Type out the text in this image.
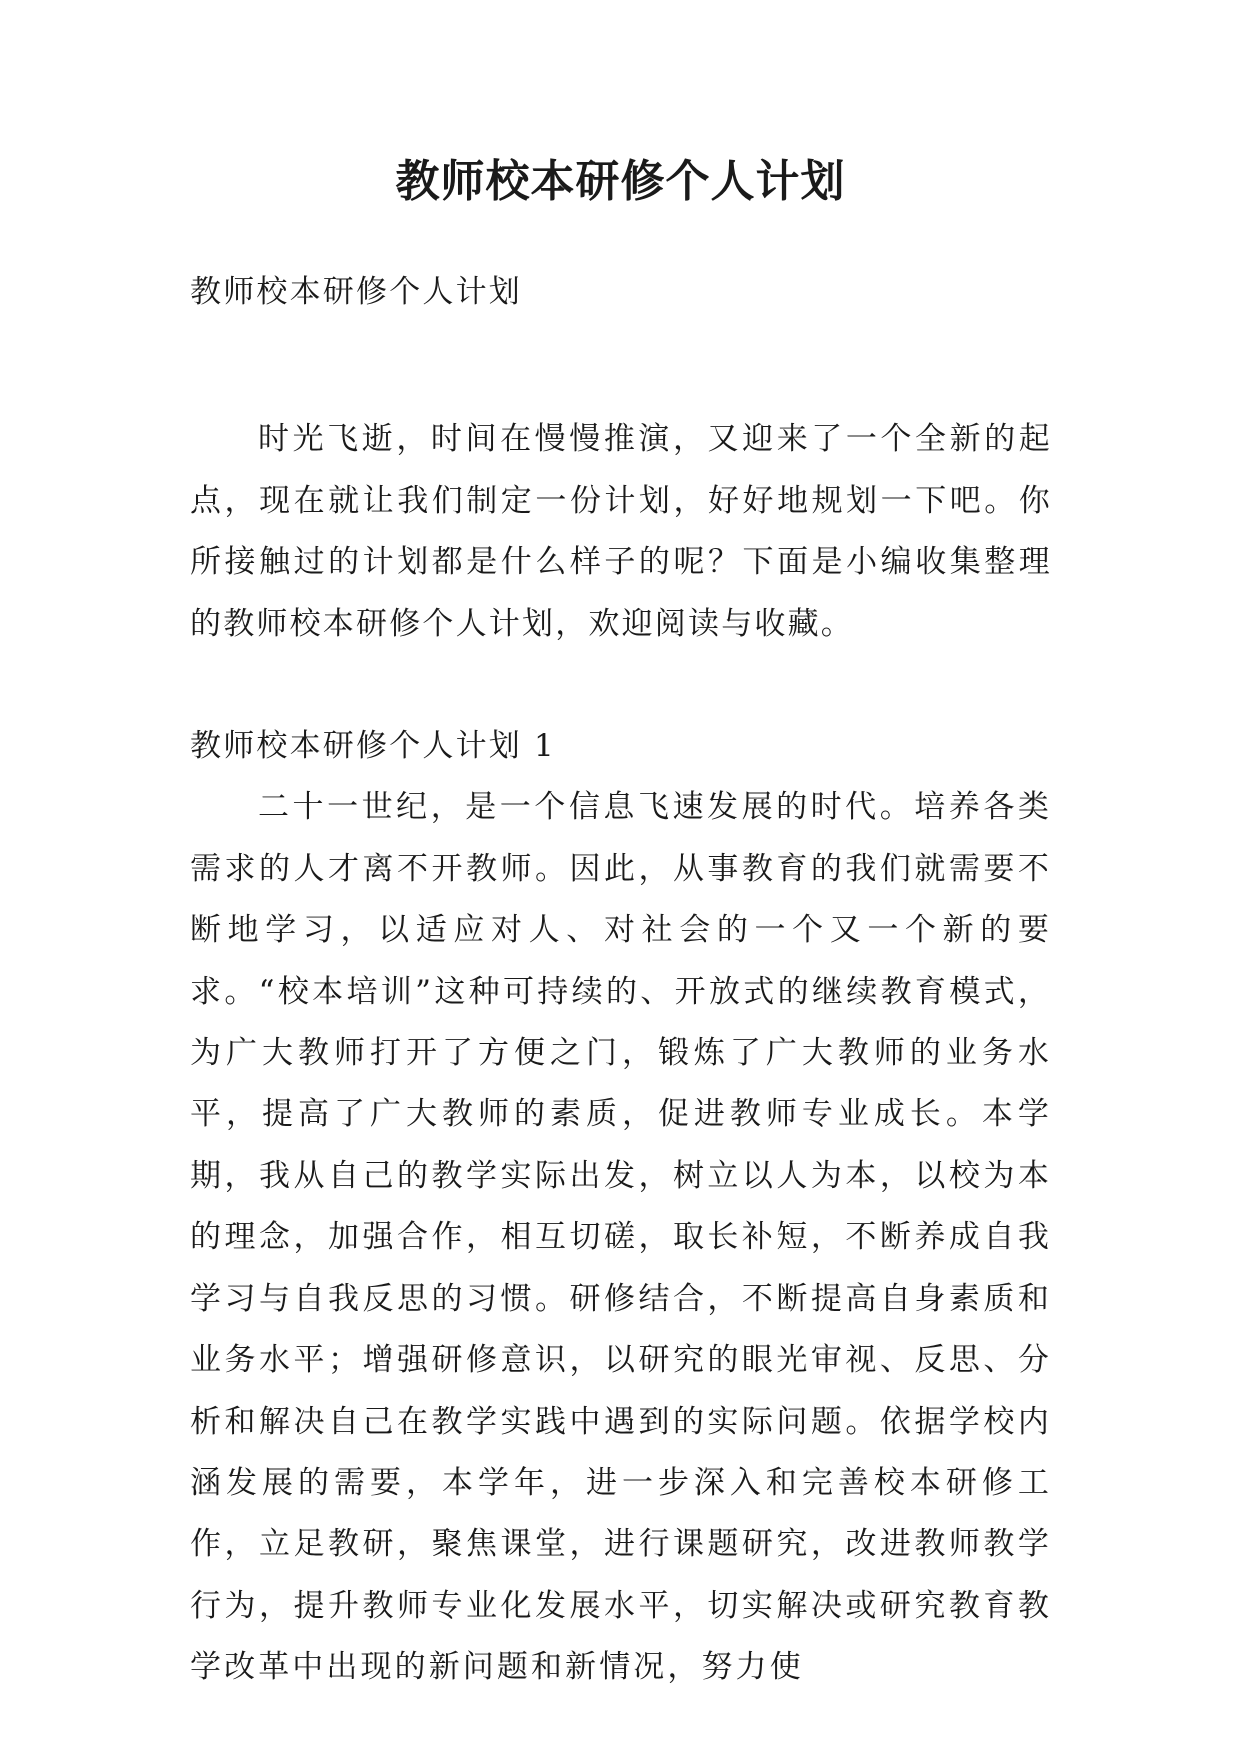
教师校本研修个人计划

教师校本研修个人计划

时光飞逝，时间在慢慢推演，又迎来了一个全新的起点，现在就让我们制定一份计划，好好地规划一下吧。你所接触过的计划都是什么样子的呢？下面是小编收集整理的教师校本研修个人计划，欢迎阅读与收藏。

教师校本研修个人计划 1

二十一世纪，是一个信息飞速发展的时代。培养各类需求的人才离不开教师。因此，从事教育的我们就需要不断地学习，以适应对人、对社会的一个又一个新的要求。“校本培训”这种可持续的、开放式的继续教育模式，为广大教师打开了方便之门，锻炼了广大教师的业务水平，提高了广大教师的素质，促进教师专业成长。本学期，我从自己的教学实际出发，树立以人为本，以校为本的理念，加强合作，相互切磋，取长补短，不断养成自我学习与自我反思的习惯。研修结合，不断提高自身素质和业务水平；增强研修意识，以研究的眼光审视、反思、分析和解决自己在教学实践中遇到的实际问题。依据学校内涵发展的需要，本学年，进一步深入和完善校本研修工作，立足教研，聚焦课堂，进行课题研究，改进教师教学行为，提升教师专业化发展水平，切实解决或研究教育教学改革中出现的新问题和新情况，努力使
